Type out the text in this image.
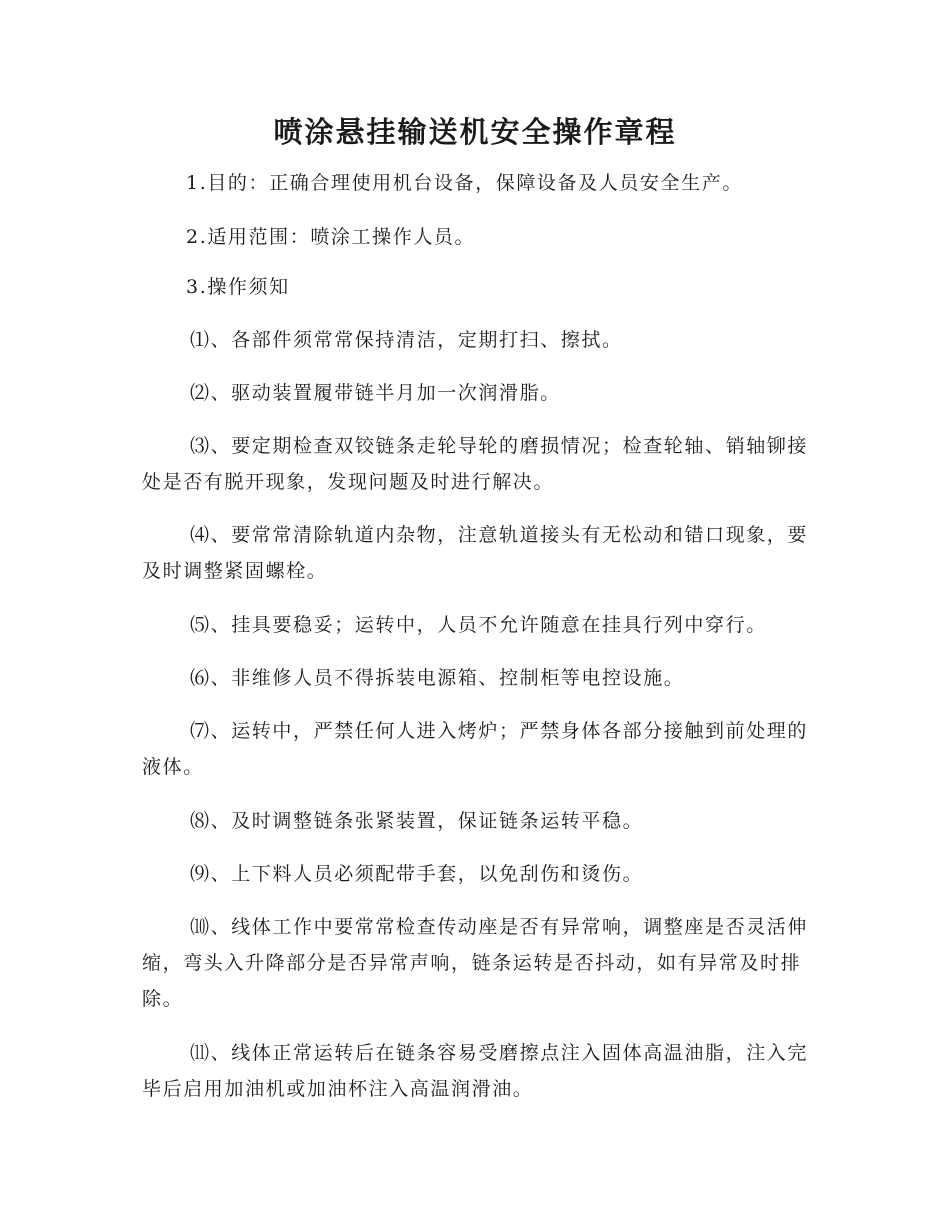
喷涂悬挂输送机安全操作章程

1.目的：正确合理使用机台设备，保障设备及人员安全生产。

2.适用范围：喷涂工操作人员。

3.操作须知

⑴、各部件须常常保持清洁，定期打扫、擦拭。

⑵、驱动装置履带链半月加一次润滑脂。

⑶、要定期检查双铰链条走轮导轮的磨损情况；检查轮轴、销轴铆接处是否有脱开现象，发现问题及时进行解决。

⑷、要常常清除轨道内杂物，注意轨道接头有无松动和错口现象，要及时调整紧固螺栓。

⑸、挂具要稳妥；运转中，人员不允许随意在挂具行列中穿行。

⑹、非维修人员不得拆装电源箱、控制柜等电控设施。

⑺、运转中，严禁任何人进入烤炉；严禁身体各部分接触到前处理的液体。

⑻、及时调整链条张紧装置，保证链条运转平稳。

⑼、上下料人员必须配带手套，以免刮伤和烫伤。

⑽、线体工作中要常常检查传动座是否有异常响，调整座是否灵活伸缩，弯头入升降部分是否异常声响，链条运转是否抖动，如有异常及时排除。

⑾、线体正常运转后在链条容易受磨擦点注入固体高温油脂，注入完毕后启用加油机或加油杯注入高温润滑油。
